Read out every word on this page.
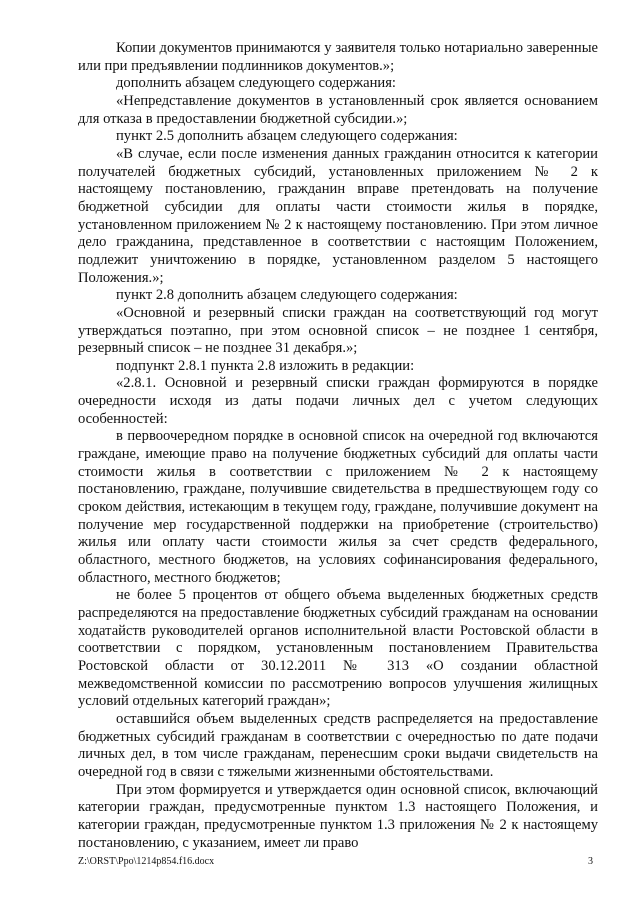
Копии документов принимаются у заявителя только нотариально заверенные или при предъявлении подлинников документов.»;

дополнить абзацем следующего содержания:

«Непредставление документов в установленный срок является основанием для отказа в предоставлении бюджетной субсидии.»;

пункт 2.5 дополнить абзацем следующего содержания:

«В случае, если после изменения данных гражданин относится к категории получателей бюджетных субсидий, установленных приложением № 2 к настоящему постановлению, гражданин вправе претендовать на получение бюджетной субсидии для оплаты части стоимости жилья в порядке, установленном приложением № 2 к настоящему постановлению. При этом личное дело гражданина, представленное в соответствии с настоящим Положением, подлежит уничтожению в порядке, установленном разделом 5 настоящего Положения.»;

пункт 2.8 дополнить абзацем следующего содержания:

«Основной и резервный списки граждан на соответствующий год могут утверждаться поэтапно, при этом основной список – не позднее 1 сентября, резервный список – не позднее 31 декабря.»;

подпункт 2.8.1 пункта 2.8 изложить в редакции:

«2.8.1. Основной и резервный списки граждан формируются в порядке очередности исходя из даты подачи личных дел с учетом следующих особенностей:

в первоочередном порядке в основной список на очередной год включаются граждане, имеющие право на получение бюджетных субсидий для оплаты части стоимости жилья в соответствии с приложением № 2 к настоящему постановлению, граждане, получившие свидетельства в предшествующем году со сроком действия, истекающим в текущем году, граждане, получившие документ на получение мер государственной поддержки на приобретение (строительство) жилья или оплату части стоимости жилья за счет средств федерального, областного, местного бюджетов, на условиях софинансирования федерального, областного, местного бюджетов;

не более 5 процентов от общего объема выделенных бюджетных средств распределяются на предоставление бюджетных субсидий гражданам на основании ходатайств руководителей органов исполнительной власти Ростовской области в соответствии с порядком, установленным постановлением Правительства Ростовской области от 30.12.2011 № 313 «О создании областной межведомственной комиссии по рассмотрению вопросов улучшения жилищных условий отдельных категорий граждан»;

оставшийся объем выделенных средств распределяется на предоставление бюджетных субсидий гражданам в соответствии с очередностью по дате подачи личных дел, в том числе гражданам, перенесшим сроки выдачи свидетельств на очередной год в связи с тяжелыми жизненными обстоятельствами.

При этом формируется и утверждается один основной список, включающий категории граждан, предусмотренные пунктом 1.3 настоящего Положения, и категории граждан, предусмотренные пунктом 1.3 приложения № 2 к настоящему постановлению, с указанием, имеет ли право

Z:\ORST\Ppo\1214p854.f16.docx	3
